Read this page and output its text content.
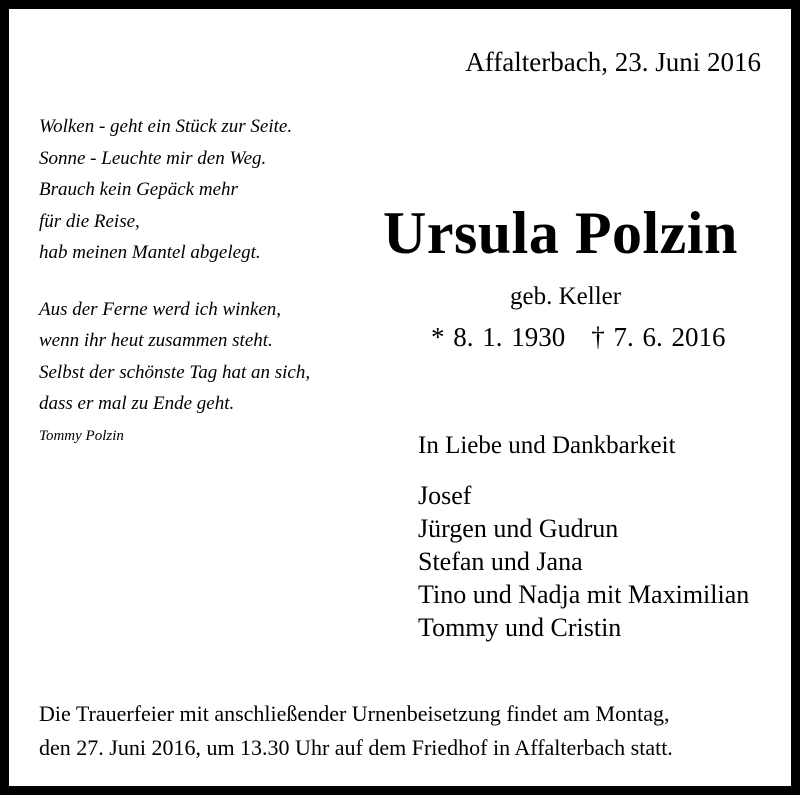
Affalterbach, 23. Juni 2016
Wolken - geht ein Stück zur Seite.
Sonne - Leuchte mir den Weg.
Brauch kein Gepäck mehr
für die Reise,
hab meinen Mantel abgelegt.
Aus der Ferne werd ich winken,
wenn ihr heut zusammen steht.
Selbst der schönste Tag hat an sich,
dass er mal zu Ende geht.
Tommy Polzin
Ursula Polzin
geb. Keller
* 8. 1. 1930 † 7. 6. 2016
In Liebe und Dankbarkeit
Josef
Jürgen und Gudrun
Stefan und Jana
Tino und Nadja mit Maximilian
Tommy und Cristin
Die Trauerfeier mit anschließender Urnenbeisetzung findet am Montag,
den 27. Juni 2016, um 13.30 Uhr auf dem Friedhof in Affalterbach statt.
